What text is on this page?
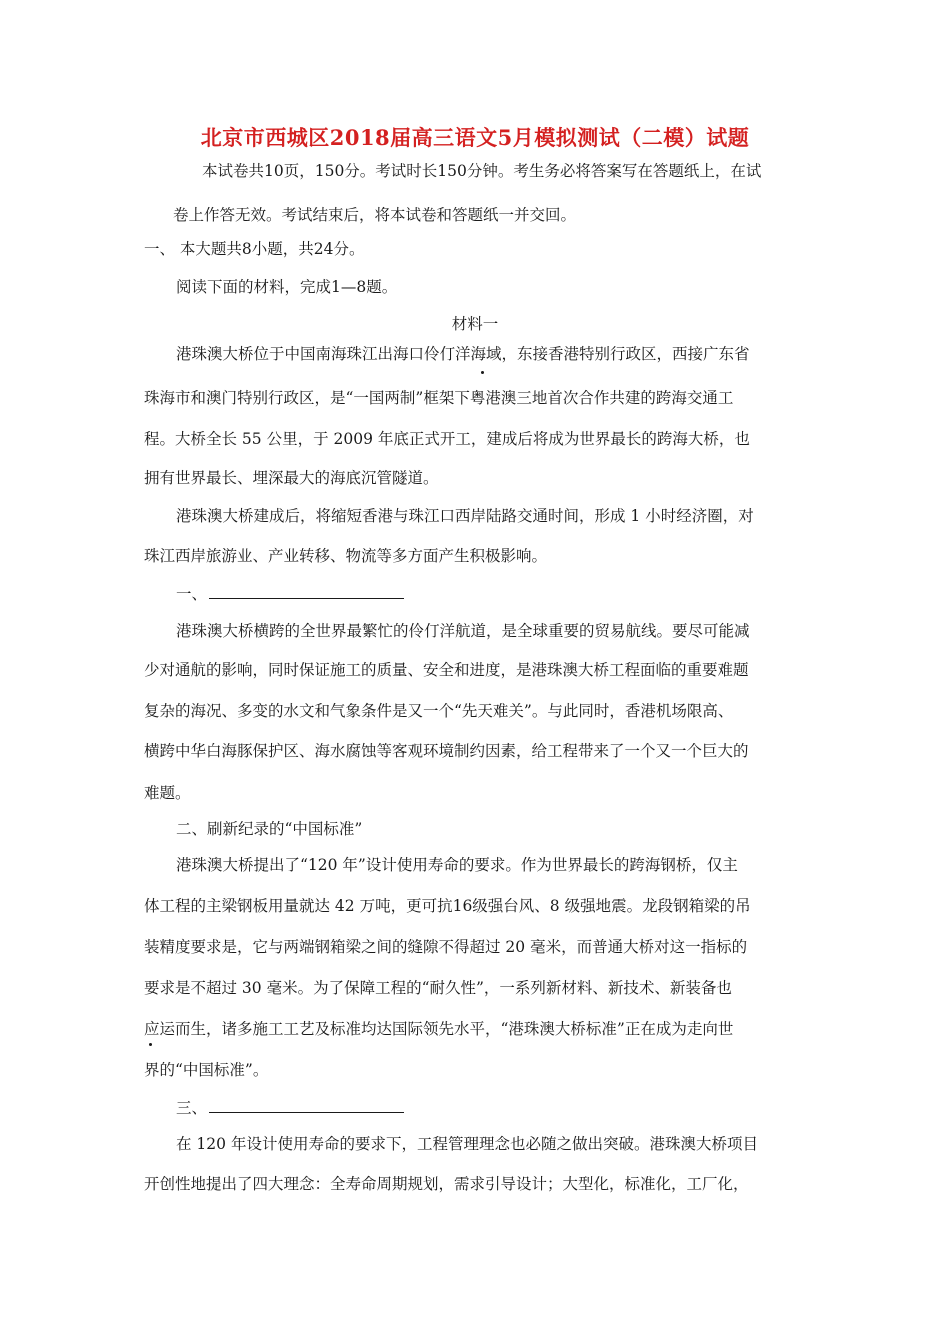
北京市西城区2018届高三语文5月模拟测试（二模）试题
本试卷共10页，150分。考试时长150分钟。考生务必将答案写在答题纸上，在试
卷上作答无效。考试结束后，将本试卷和答题纸一并交回。
一、 本大题共8小题，共24分。
阅读下面的材料，完成1—8题。
材料一
港珠澳大桥位于中国南海珠江出海口伶仃洋海域，东接香港特别行政区，西接广东省
珠海市和澳门特别行政区，是“一国两制”框架下粤港澳三地首次合作共建的跨海交通工
程。大桥全长 55 公里，于 2009 年底正式开工，建成后将成为世界最长的跨海大桥，也
拥有世界最长、埋深最大的海底沉管隧道。
港珠澳大桥建成后，将缩短香港与珠江口西岸陆路交通时间，形成 1 小时经济圈，对
珠江西岸旅游业、产业转移、物流等多方面产生积极影响。
一、
港珠澳大桥横跨的全世界最繁忙的伶仃洋航道，是全球重要的贸易航线。要尽可能减
少对通航的影响，同时保证施工的质量、安全和进度，是港珠澳大桥工程面临的重要难题
复杂的海况、多变的水文和气象条件是又一个“先天难关”。与此同时，香港机场限高、
横跨中华白海豚保护区、海水腐蚀等客观环境制约因素，给工程带来了一个又一个巨大的
难题。
二、刷新纪录的“中国标准”
港珠澳大桥提出了“120 年”设计使用寿命的要求。作为世界最长的跨海钢桥，仅主
体工程的主梁钢板用量就达 42 万吨，更可抗16级强台风、8 级强地震。龙段钢箱梁的吊
装精度要求是，它与两端钢箱梁之间的缝隙不得超过 20 毫米，而普通大桥对这一指标的
要求是不超过 30 毫米。为了保障工程的“耐久性”，一系列新材料、新技术、新装备也
应运而生，诸多施工工艺及标准均达国际领先水平，“港珠澳大桥标准”正在成为走向世
界的“中国标准”。
三、
在 120 年设计使用寿命的要求下，工程管理理念也必随之做出突破。港珠澳大桥项目
开创性地提出了四大理念：全寿命周期规划，需求引导设计；大型化，标准化，工厂化，
